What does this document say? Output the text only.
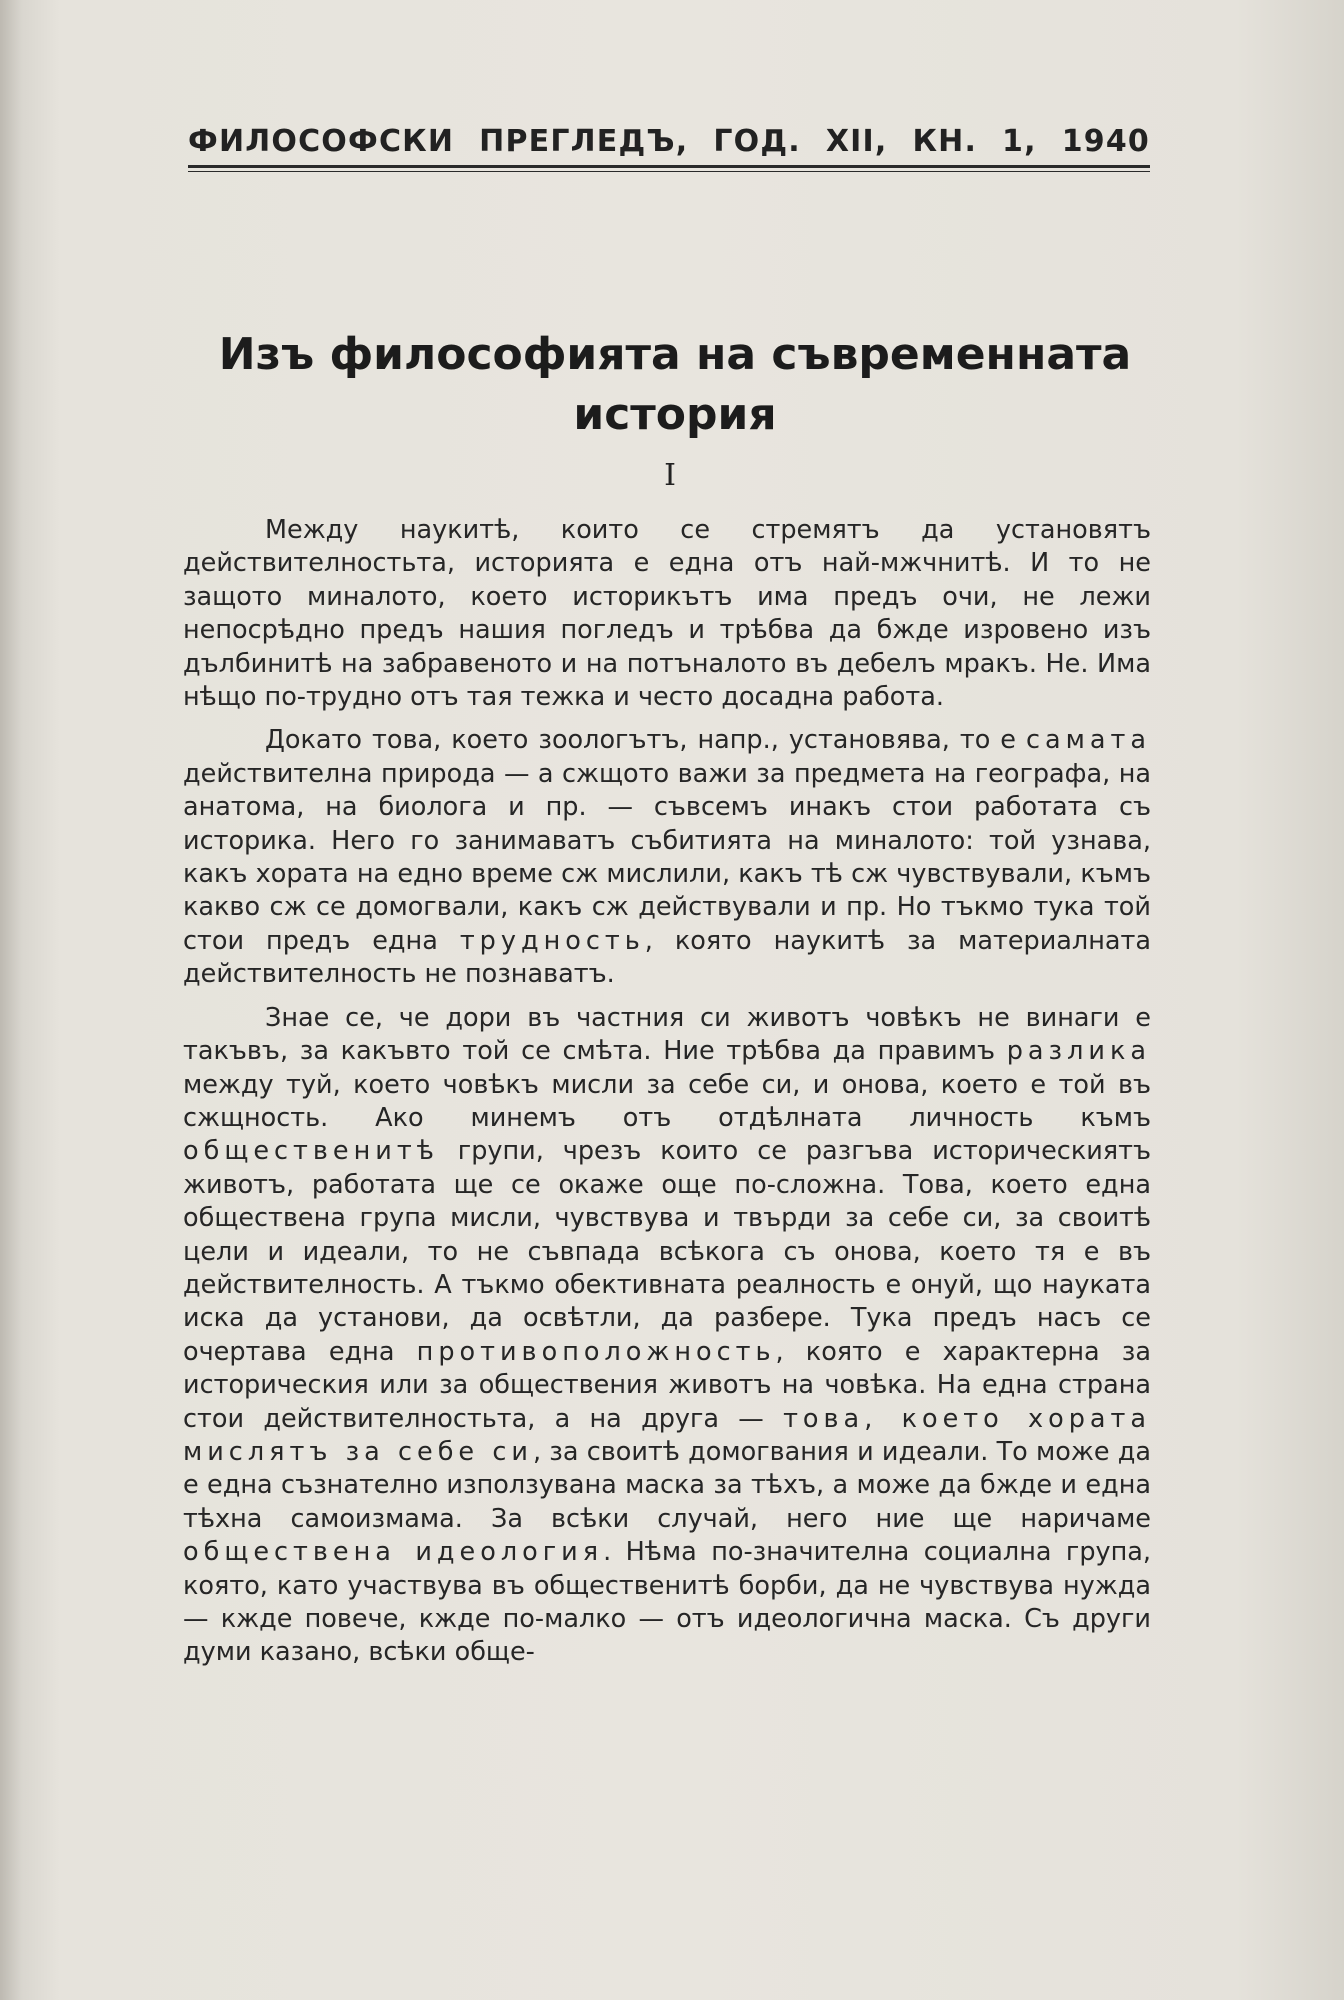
ФИЛОСОФСКИ ПРЕГЛЕДЪ, ГОД. XII, КН. 1, 1940
Изъ философията на съвременната
история
I

Между наукитѣ, които се стремятъ да установятъ действителностьта, историята е една отъ най-мжчнитѣ. И то не защото миналото, което историкътъ има предъ очи, не лежи непосрѣдно предъ нашия погледъ и трѣбва да бжде изровено изъ дълбинитѣ на забравеното и на потъналото въ дебелъ мракъ. Не. Има нѣщо по-трудно отъ тая тежка и често досадна работа.

Докато това, което зоологътъ, напр., установява, то е самата действителна природа — а сжщото важи за предмета на географа, на анатома, на биолога и пр. — съвсемъ инакъ стои работата съ историка. Него го занимаватъ събитията на миналото: той узнава, какъ хората на едно време сж мислили, какъ тѣ сж чувствували, къмъ какво сж се домогвали, какъ сж действували и пр. Но тъкмо тука той стои предъ една трудность, която наукитѣ за материалната действителность не познаватъ.

Знае се, че дори въ частния си животъ човѣкъ не винаги е такъвъ, за какъвто той се смѣта. Ние трѣбва да правимъ разлика между туй, което човѣкъ мисли за себе си, и онова, което е той въ сжщность. Ако минемъ отъ отдѣлната личность къмъ общественитѣ групи, чрезъ които се разгъва историческиятъ животъ, работата ще се окаже още по-сложна. Това, което една обществена група мисли, чувствува и твърди за себе си, за своитѣ цели и идеали, то не съвпада всѣкога съ онова, което тя е въ действителность. А тъкмо обективната реалность е онуй, що науката иска да установи, да освѣтли, да разбере. Тука предъ насъ се очертава една противоположность, която е характерна за историческия или за обществения животъ на човѣка. На една страна стои действителностьта, а на друга — това, което хората мислятъ за себе си, за своитѣ домогвания и идеали. То може да е една съзнателно използувана маска за тѣхъ, а може да бжде и една тѣхна самоизмама. За всѣки случай, него ние ще наричаме обществена идеология. Нѣма по-значителна социална група, която, като участвува въ общественитѣ борби, да не чувствува нужда — кжде повече, кжде по-малко — отъ идеологична маска. Съ други думи казано, всѣки обще-
